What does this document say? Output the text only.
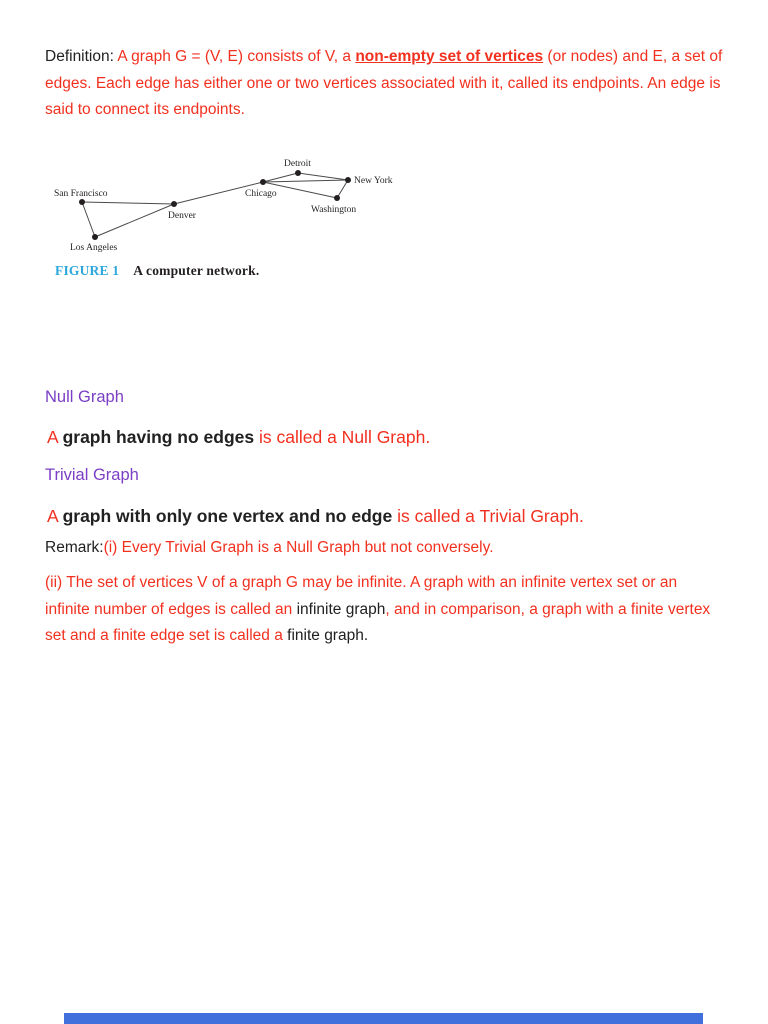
Definition: A graph G = (V, E) consists of V, a non-empty set of vertices (or nodes) and E, a set of edges. Each edge has either one or two vertices associated with it, called its endpoints. An edge is said to connect its endpoints.

San Francisco
Los Angeles
Denver
Chicago
Detroit
New York
Washington
FIGURE 1 A computer network.
Null Graph

A graph having no edges is called a Null Graph.

Trivial Graph

A graph with only one vertex and no edge is called a Trivial Graph.

Remark:(i) Every Trivial Graph is a Null Graph but not conversely.

(ii) The set of vertices V of a graph G may be infinite. A graph with an infinite vertex set or an infinite number of edges is called an infinite graph, and in comparison, a graph with a finite vertex set and a finite edge set is called a finite graph.
